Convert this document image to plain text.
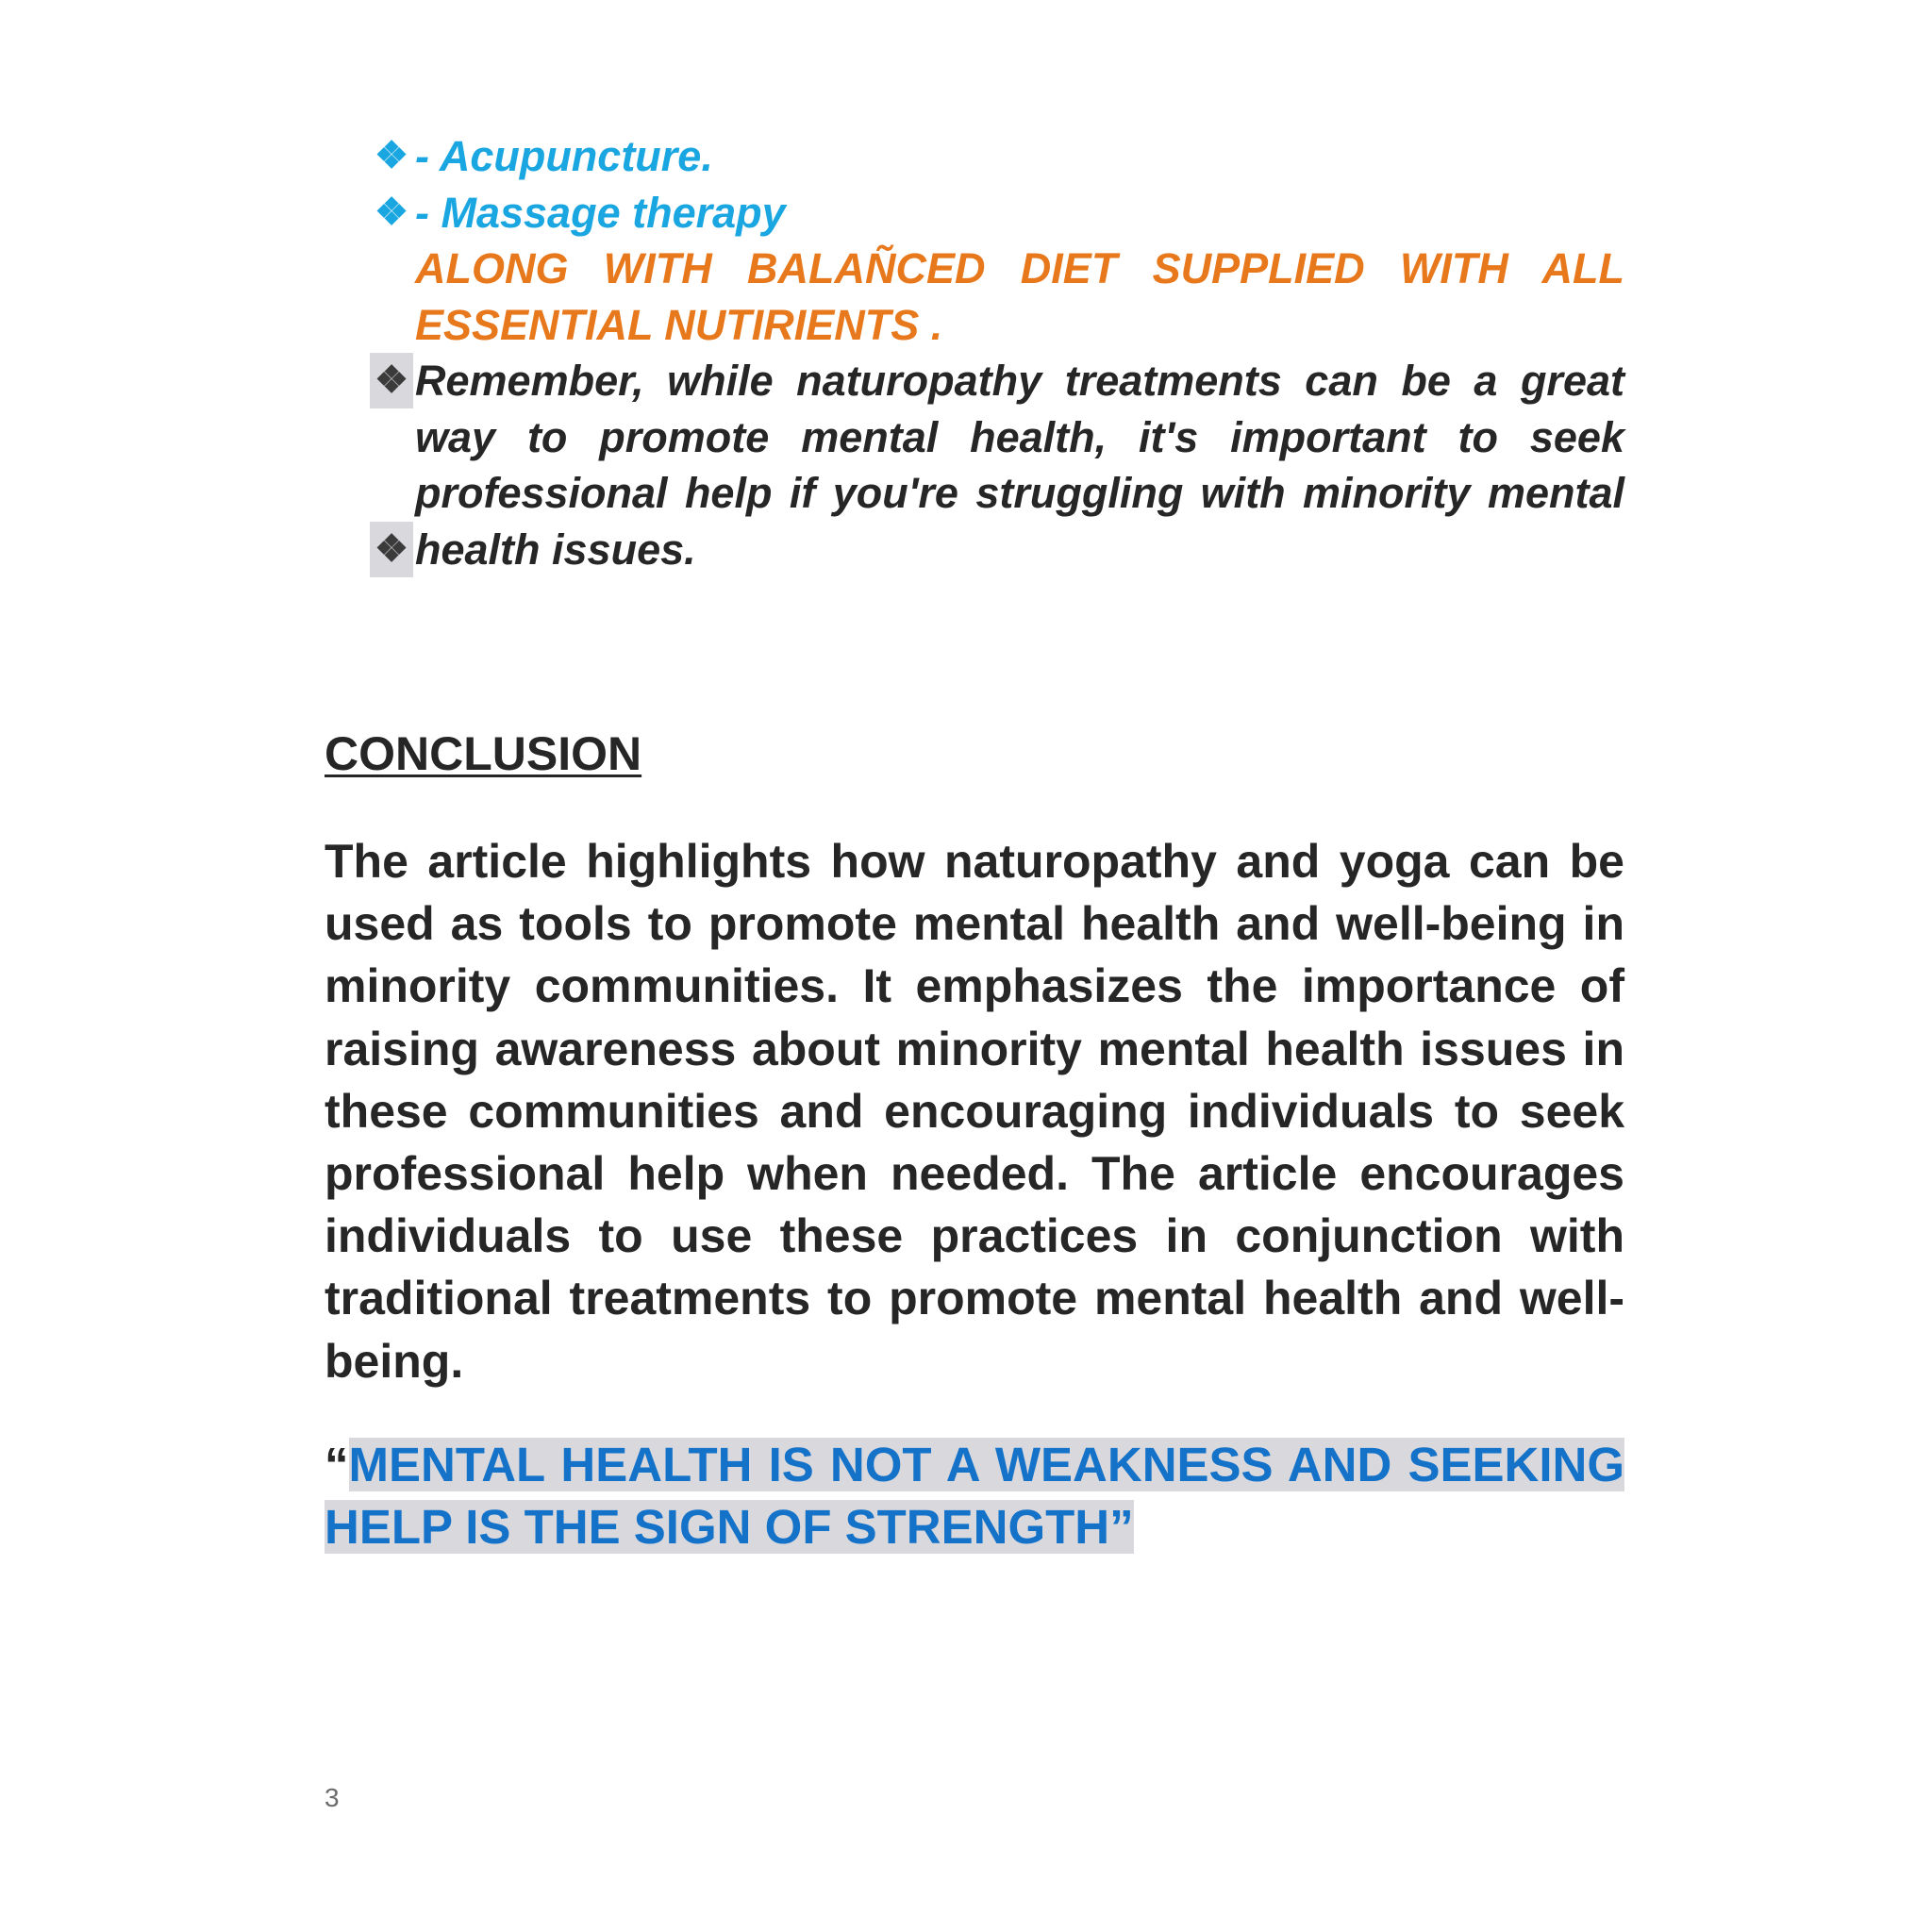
❖ - Acupuncture.
❖ - Massage therapy
ALONG WITH BALAÑCED DIET SUPPLIED WITH ALL ESSENTIAL NUTIRIENTS .
❖ Remember, while naturopathy treatments can be a great
way to promote mental health, it's important to seek
professional help if you're struggling with minority mental
❖ health issues.
CONCLUSION
The article highlights how naturopathy and yoga can be used as tools to promote mental health and well-being in minority communities. It emphasizes the importance of raising awareness about minority mental health issues in these communities and encouraging individuals to seek professional help when needed. The article encourages individuals to use these practices in conjunction with traditional treatments to promote mental health and well-being.
“MENTAL HEALTH IS NOT A WEAKNESS AND SEEKING HELP IS THE SIGN OF STRENGTH”
3
